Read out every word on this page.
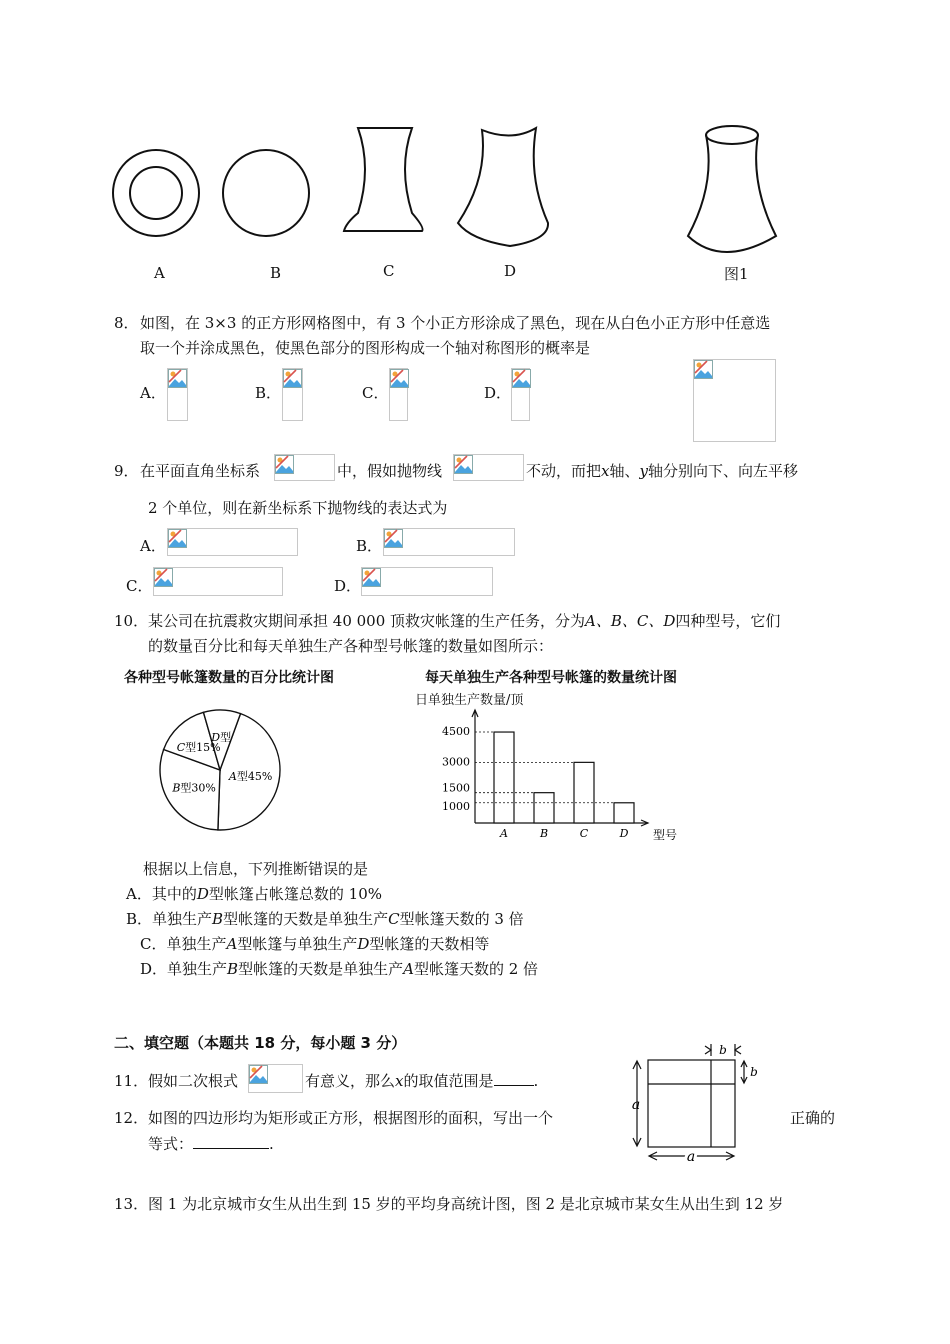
A	B	C	D	图1
8． 如图，在 3×3 的正方形网格图中，有 3 个小正方形涂成了黑色，现在从白色小正方形中任意选
取一个并涂成黑色，使黑色部分的图形构成一个轴对称图形的概率是
A．	B．	C．	D．
9． 在平面直角坐标系	中，假如抛物线	不动，而把x轴、y轴分别向下、向左平移
2 个单位，则在新坐标系下抛物线的表达式为
A．	B．
C．	D．
10． 某公司在抗震救灾期间承担 40 000 顶救灾帐篷的生产任务，分为A、B、C、D四种型号，它们
的数量百分比和每天单独生产各种型号帐篷的数量如图所示：
各种型号帐篷数量的百分比统计图
A型45%
B型30%
C型15%
D型
每天单独生产各种型号帐篷的数量统计图
日单独生产数量/顶
A	B	C	D
4500
3000
1500
1000
型号
根据以上信息，下列推断错误的是
A．其中的D型帐篷占帐篷总数的 10%
B．单独生产B型帐篷的天数是单独生产C型帐篷天数的 3 倍
C．单独生产A型帐篷与单独生产D型帐篷的天数相等
D．单独生产B型帐篷的天数是单独生产A型帐篷天数的 2 倍
二、填空题（本题共 18 分，每小题 3 分）
11． 假如二次根式	有意义，那么x的取值范围是	.
12． 如图的四边形均为矩形或正方形，根据图形的面积，写出一个	正确的
等式：	.
a
a
b
b
13． 图 1 为北京城市女生从出生到 15 岁的平均身高统计图，图 2 是北京城市某女生从出生到 12 岁
